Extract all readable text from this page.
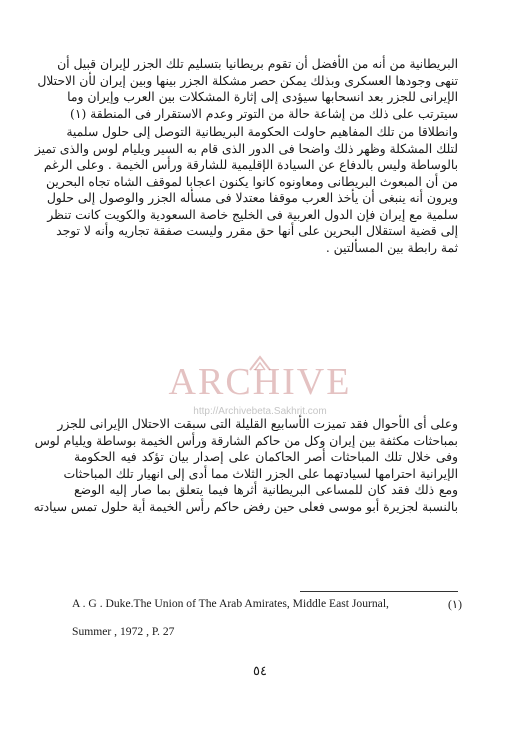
ARCHIVE
http://Archivebeta.Sakhrit.com
البريطانية من أنه من الأفضل أن تقوم بريطانيا بتسليم تلك الجزر لإيران قبيل أن
تنهى وجودها العسكرى وبذلك يمكن حصر مشكلة الجزر بينها وبين إيران لأن الاحتلال
الإيرانى للجزر بعد انسحابها سيؤدى إلى إثارة المشكلات بين العرب وإيران وما
سيترتب على ذلك من إشاعة حالة من التوتر وعدم الاستقرار فى المنطقة (١)
وانطلاقا من تلك المفاهيم حاولت الحكومة البريطانية التوصل إلى حلول سلمية
لتلك المشكلة وظهر ذلك واضحا فى الدور الذى قام به السير ويليام لوس والذى تميز
بالوساطة وليس بالدفاع عن السيادة الإقليمية للشارقة ورأس الخيمة . وعلى الرغم
من أن المبعوث البريطانى ومعاونوه كانوا يكنون اعجابا لموقف الشاه تجاه البحرين
ويرون أنه ينبغى أن يأخذ العرب موقفا معتدلا فى مسأله الجزر والوصول إلى حلول
سلمية مع إيران فإن الدول العربية فى الخليج خاصة السعودية والكويت كانت تنظر
إلى قضية استقلال البحرين على أنها حق مقرر وليست صفقة تجاريه وأنه لا توجد
ثمة رابطة بين المسألتين .
وعلى أى الأحوال فقد تميزت الأسابيع القليلة التى سبقت الاحتلال الإيرانى للجزر
بمباحثات مكثفة بين إيران وكل من حاكم الشارقة ورأس الخيمة بوساطة ويليام لوس
وفى خلال تلك المباحثات أصر الحاكمان على إصدار بيان تؤكد فيه الحكومة
الإيرانية احترامها لسيادتهما على الجزر الثلاث مما أدى إلى انهيار تلك المباحثات
ومع ذلك فقد كان للمساعى البريطانية أثرها فيما يتعلق بما صار إليه الوضع
بالنسبة لجزيرة أبو موسى فعلى حين رفض حاكم رأس الخيمة أية حلول تمس سيادته
A . G . Duke.The Union of The Arab Amirates, Middle East Journal,	(١)
Summer , 1972 , P. 27
٥٤
